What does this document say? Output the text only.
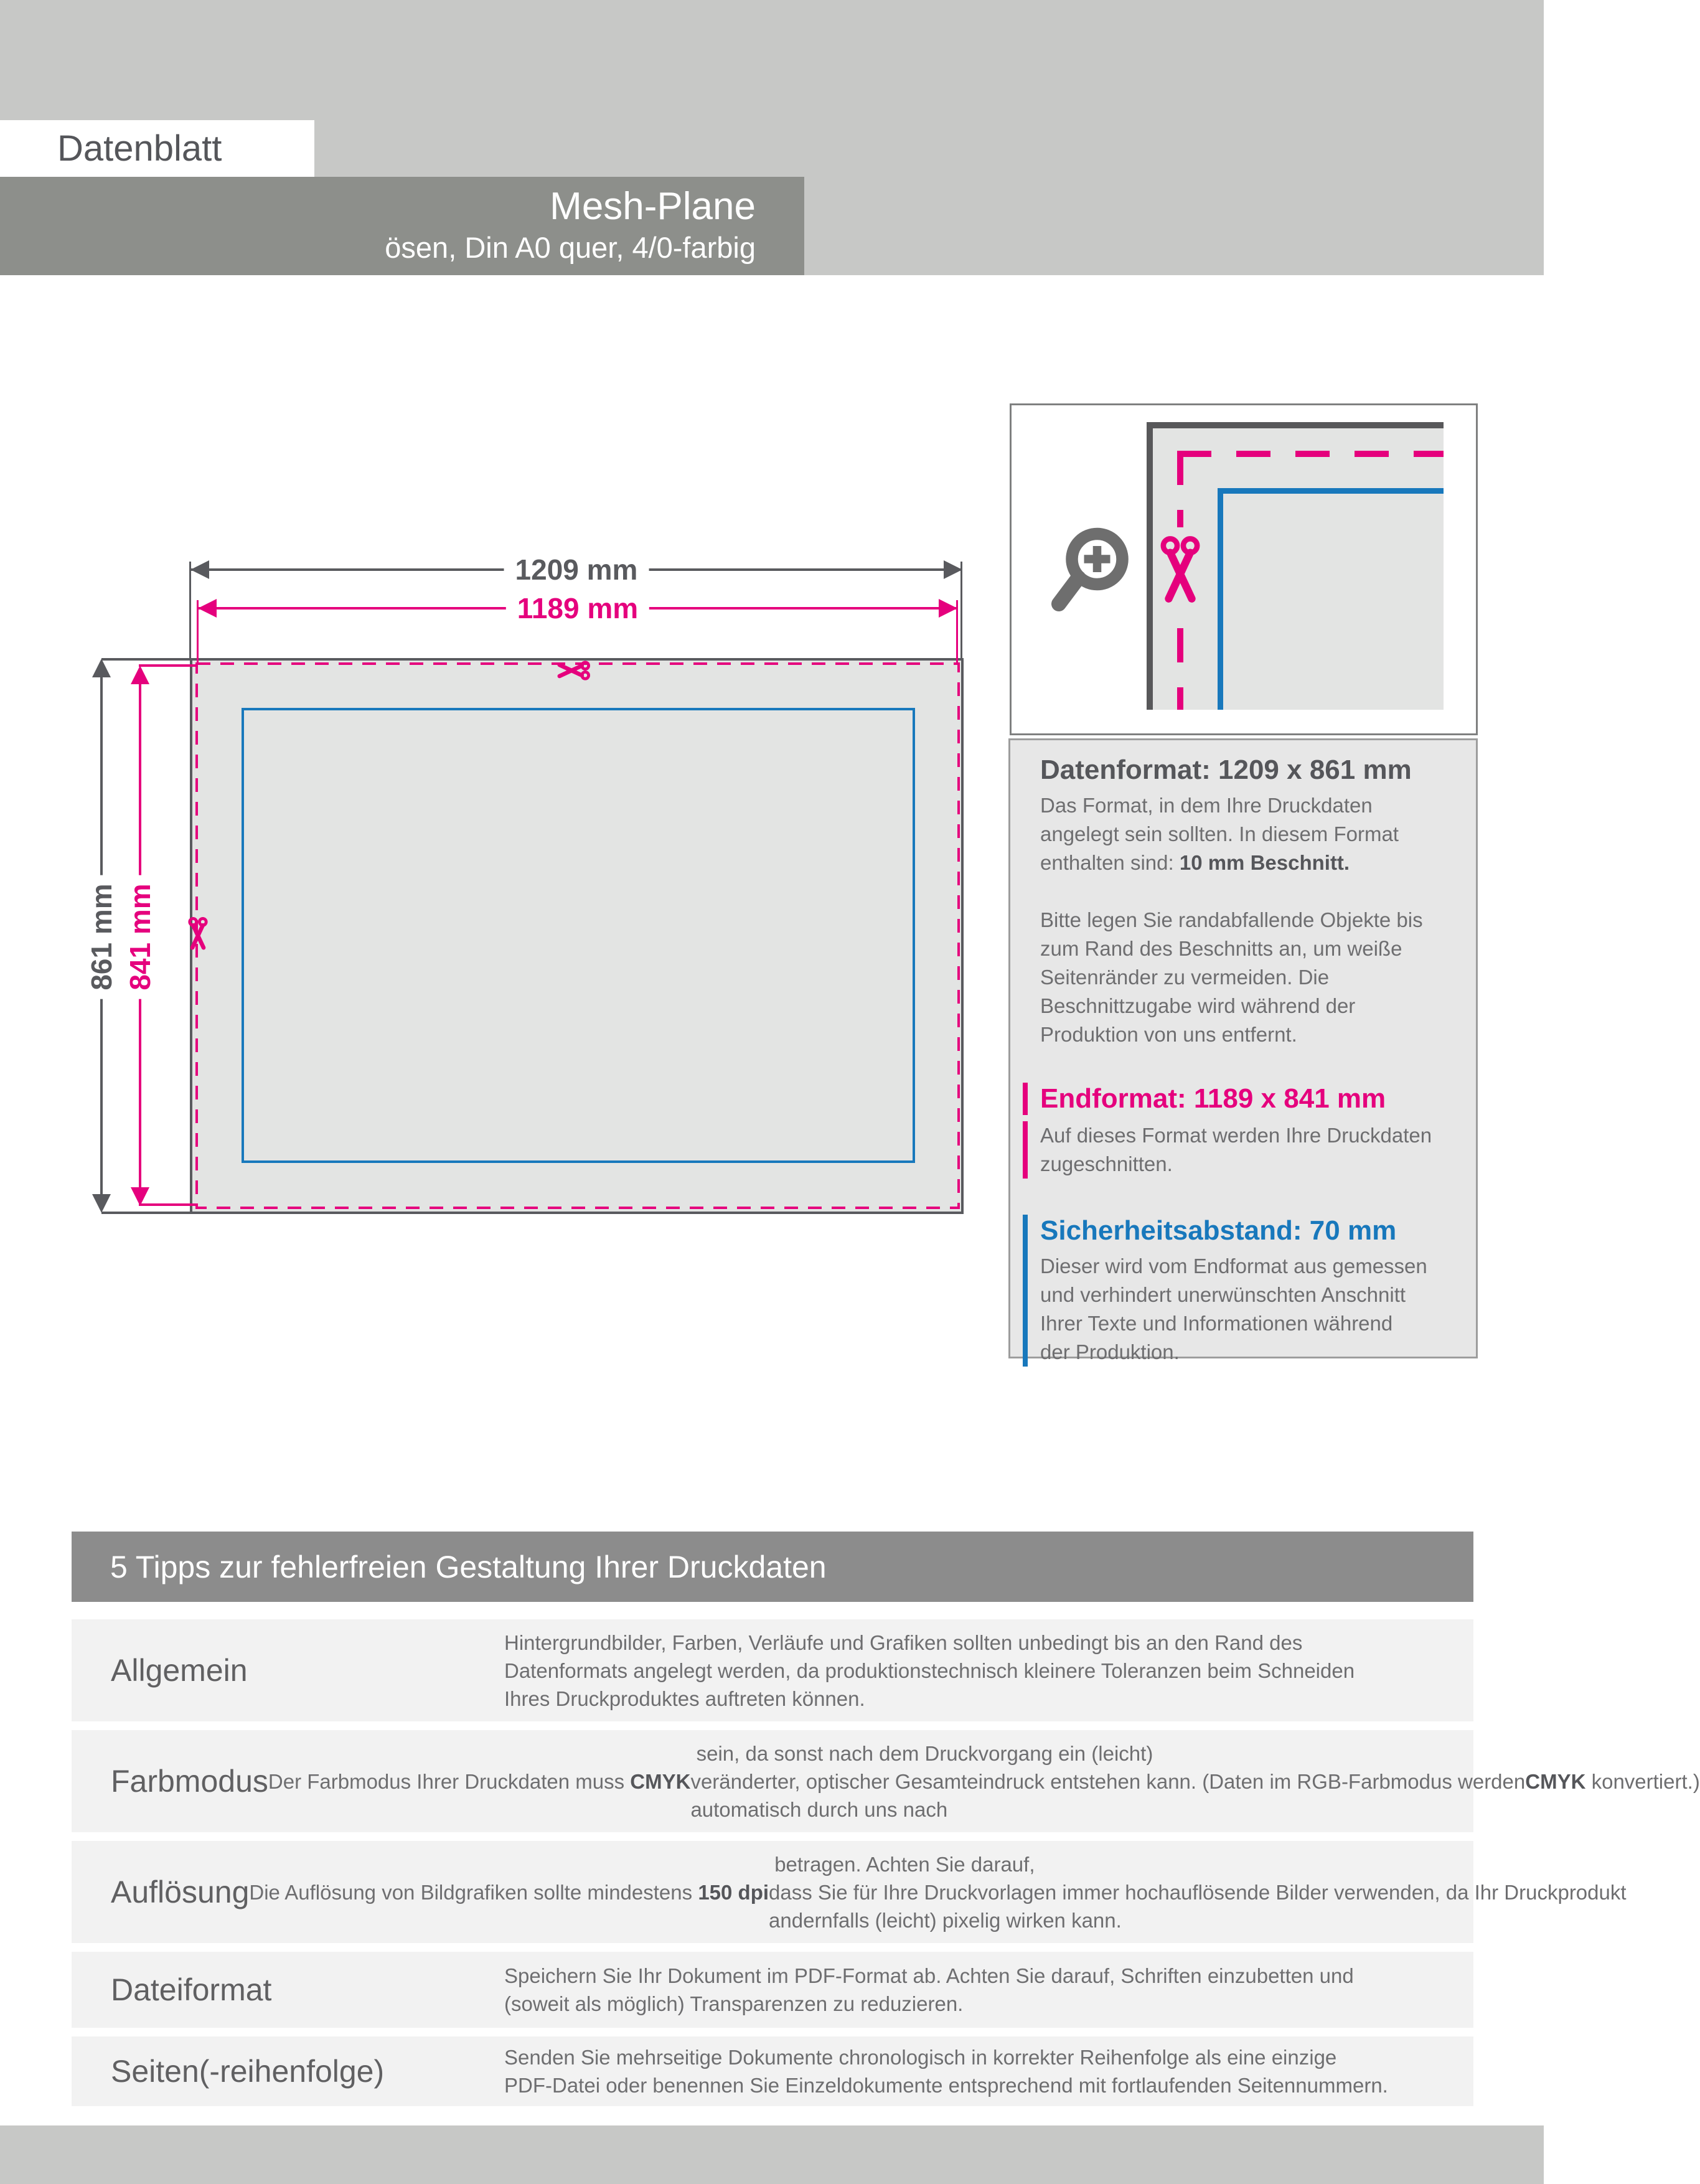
Datenblatt
Mesh-Plane
ösen, Din A0 quer, 4/0-farbig
1209 mm
1189 mm
861 mm 841 mm
Datenformat: 1209 x 861 mm

Das Format, in dem Ihre Druckdaten
angelegt sein sollten. In diesem Format
enthalten sind: 10 mm Beschnitt.

Bitte legen Sie randabfallende Objekte bis
zum Rand des Beschnitts an, um weiße
Seitenränder zu vermeiden. Die
Beschnittzugabe wird während der
Produktion von uns entfernt.

Endformat: 1189 x 841 mm

Auf dieses Format werden Ihre Druckdaten
zugeschnitten.

Sicherheitsabstand: 70 mm

Dieser wird vom Endformat aus gemessen
und verhindert unerwünschten Anschnitt
Ihrer Texte und Informationen während
der Produktion.

5 Tipps zur fehlerfreien Gestaltung Ihrer Druckdaten
Allgemein
Hintergrundbilder, Farben, Verläufe und Grafiken sollten unbedingt bis an den Rand des
Datenformats angelegt werden, da produktionstechnisch kleinere Toleranzen beim Schneiden
Ihres Druckproduktes auftreten können.
Farbmodus Der Farbmodus Ihrer Druckdaten muss CMYK
sein, da sonst nach dem Druckvorgang ein (leicht)
veränderter, optischer Gesamteindruck entstehen kann. (Daten im RGB-Farbmodus werden
automatisch durch uns nach
CMYK konvertiert.)
Auflösung Die Auflösung von Bildgrafiken sollte mindestens 150 dpi
betragen. Achten Sie darauf,
dass Sie für Ihre Druckvorlagen immer hochauflösende Bilder verwenden, da Ihr Druckprodukt
andernfalls (leicht) pixelig wirken kann.
Dateiformat	Speichern Sie Ihr Dokument im PDF-Format ab. Achten Sie darauf, Schriften einzubetten und
(soweit als möglich) Transparenzen zu reduzieren.
Seiten(-reihenfolge)	Senden Sie mehrseitige Dokumente chronologisch in korrekter Reihenfolge als eine einzige
PDF-Datei oder benennen Sie Einzeldokumente entsprechend mit fortlaufenden Seitennummern.
